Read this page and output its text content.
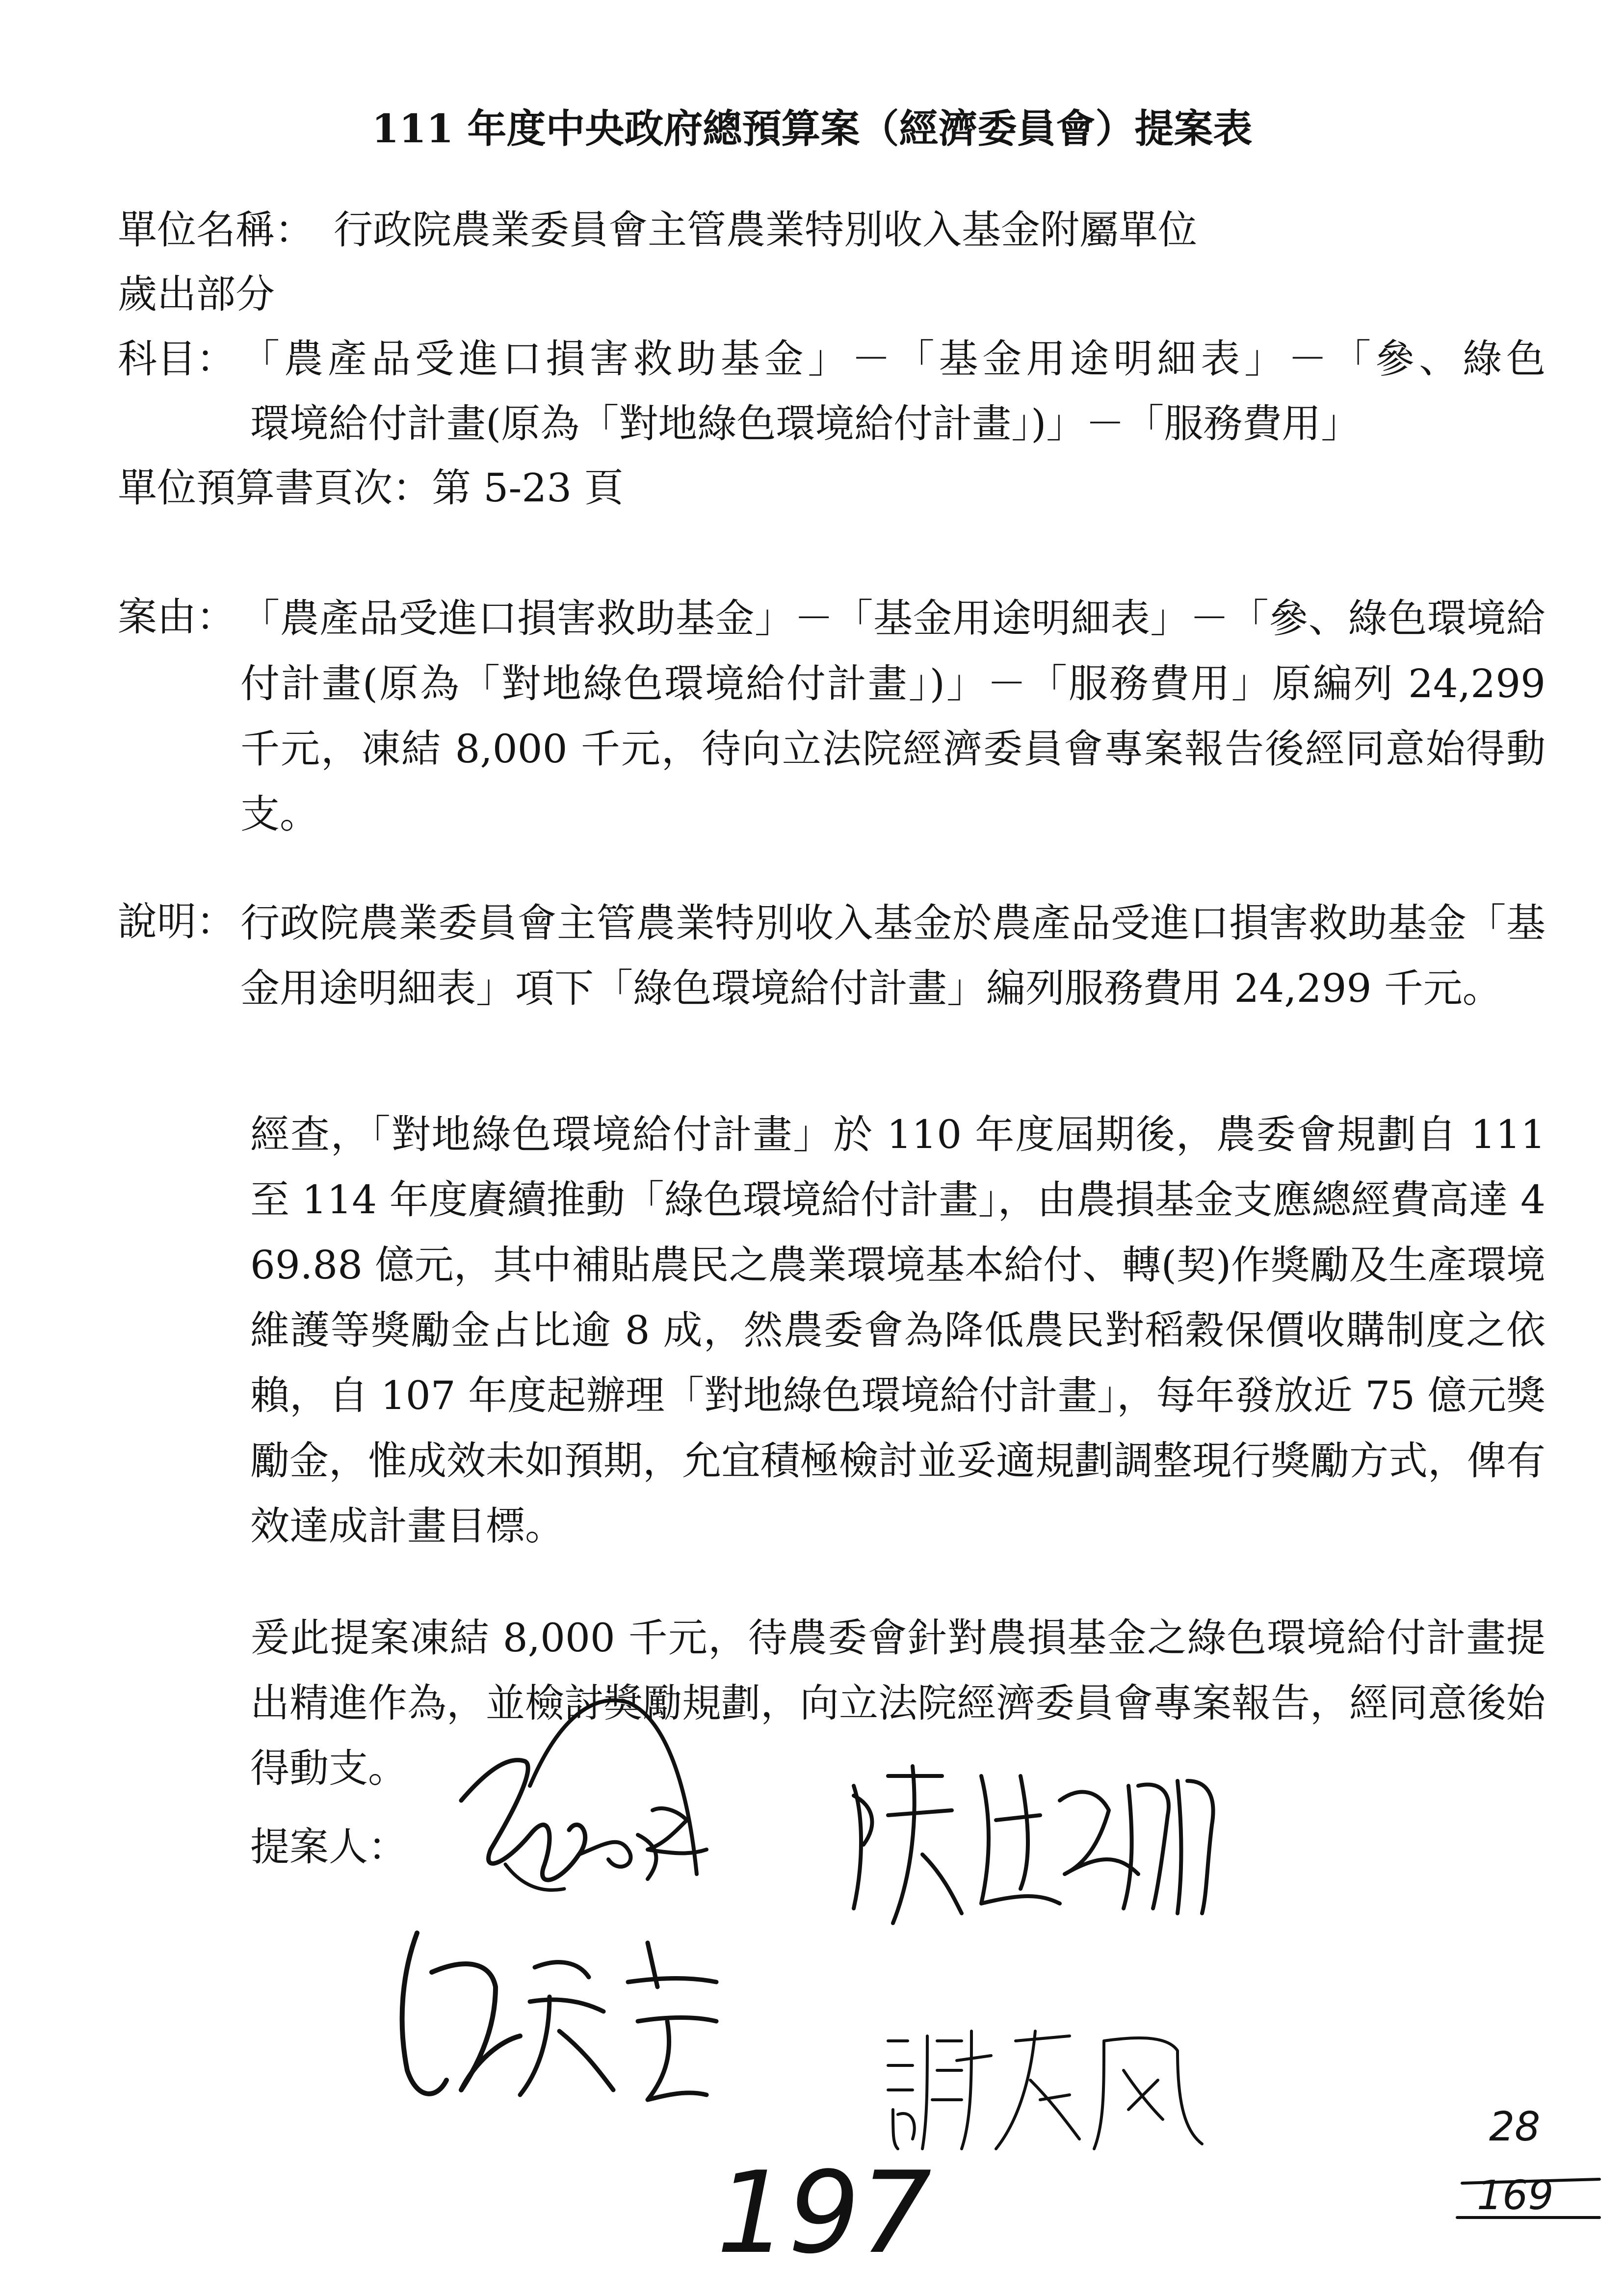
111 年度中央政府總預算案（經濟委員會）提案表
單位名稱： 行政院農業委員會主管農業特別收入基金附屬單位
歲出部分
科目： 「農產品受進口損害救助基金」－「基金用途明細表」－「參、綠色
環境給付計畫(原為「對地綠色環境給付計畫」)」－「服務費用」
單位預算書頁次：第 5-23 頁
案由： 「農產品受進口損害救助基金」－「基金用途明細表」－「參、綠色環境給付計畫(原為「對地綠色環境給付計畫」)」－「服務費用」原編列 24,299 千元，凍結 8,000 千元，待向立法院經濟委員會專案報告後經同意始得動支。
說明： 行政院農業委員會主管農業特別收入基金於農產品受進口損害救助基金「基金用途明細表」項下「綠色環境給付計畫」編列服務費用 24,299 千元。
經查，「對地綠色環境給付計畫」於 110 年度屆期後，農委會規劃自 111 至 114 年度賡續推動「綠色環境給付計畫」，由農損基金支應總經費高達 469.88 億元，其中補貼農民之農業環境基本給付、轉(契)作獎勵及生產環境維護等獎勵金占比逾 8 成，然農委會為降低農民對稻穀保價收購制度之依賴，自 107 年度起辦理「對地綠色環境給付計畫」，每年發放近 75 億元獎勵金，惟成效未如預期，允宜積極檢討並妥適規劃調整現行獎勵方式，俾有效達成計畫目標。
爰此提案凍結 8,000 千元，待農委會針對農損基金之綠色環境給付計畫提出精進作為，並檢討獎勵規劃，向立法院經濟委員會專案報告，經同意後始得動支。
提案人：
197
28
169
